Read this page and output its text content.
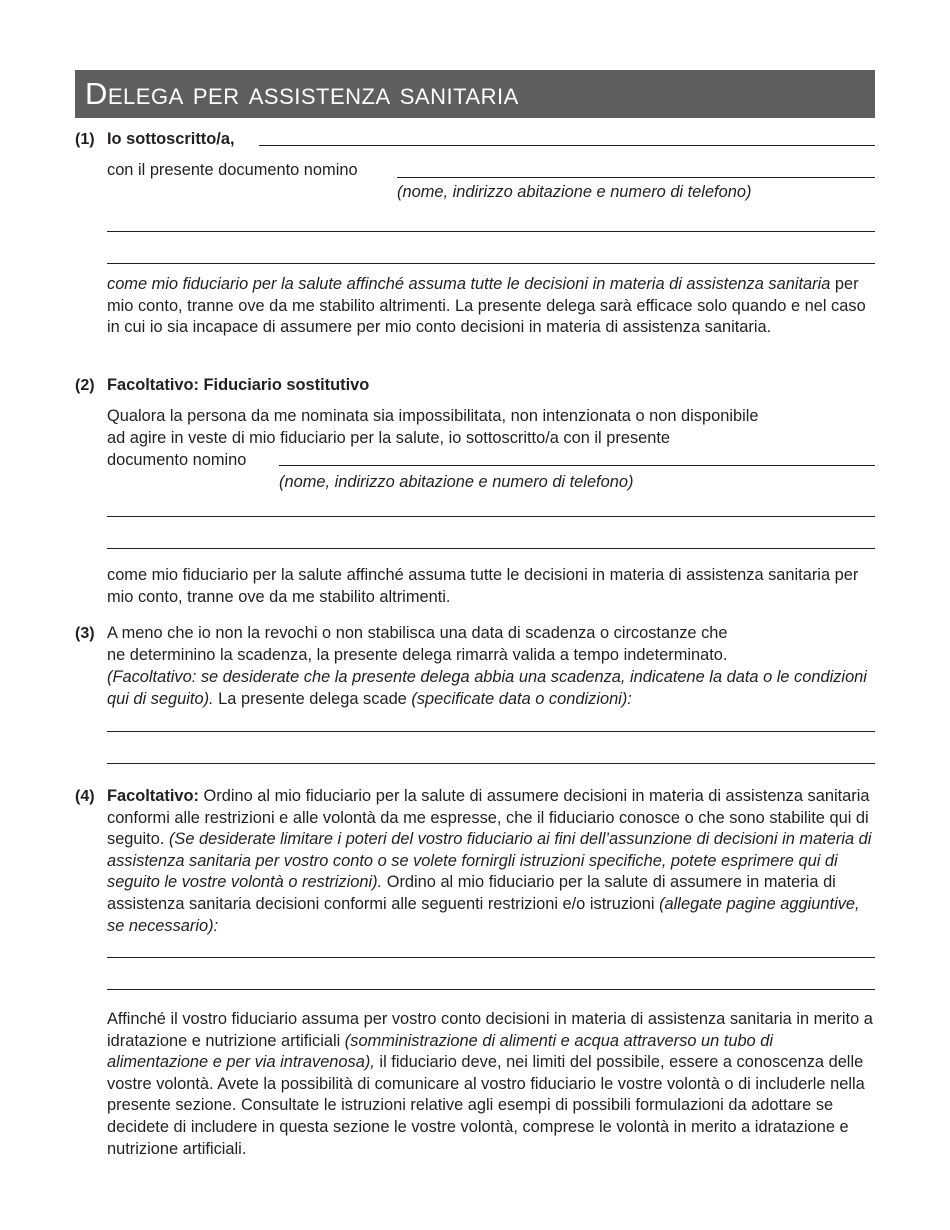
Delega per assistenza sanitaria
(1) Io sottoscritto/a,
con il presente documento nomino
(nome, indirizzo abitazione e numero di telefono)
come mio fiduciario per la salute affinché assuma tutte le decisioni in materia di assistenza sanitaria per mio conto, tranne ove da me stabilito altrimenti. La presente delega sarà efficace solo quando e nel caso in cui io sia incapace di assumere per mio conto decisioni in materia di assistenza sanitaria.
(2) Facoltativo: Fiduciario sostitutivo
Qualora la persona da me nominata sia impossibilitata, non intenzionata o non disponibile
ad agire in veste di mio fiduciario per la salute, io sottoscritto/a con il presente
documento nomino
(nome, indirizzo abitazione e numero di telefono)
come mio fiduciario per la salute affinché assuma tutte le decisioni in materia di assistenza sanitaria per mio conto, tranne ove da me stabilito altrimenti.
(3) A meno che io non la revochi o non stabilisca una data di scadenza o circostanze che
ne determinino la scadenza, la presente delega rimarrà valida a tempo indeterminato.
(Facoltativo: se desiderate che la presente delega abbia una scadenza, indicatene la data o le condizioni qui di seguito). La presente delega scade (specificate data o condizioni):
(4) Facoltativo: Ordino al mio fiduciario per la salute di assumere decisioni in materia di assistenza sanitaria conformi alle restrizioni e alle volontà da me espresse, che il fiduciario conosce o che sono stabilite qui di seguito. (Se desiderate limitare i poteri del vostro fiduciario ai fini dell’assunzione di decisioni in materia di assistenza sanitaria per vostro conto o se volete fornirgli istruzioni specifiche, potete esprimere qui di seguito le vostre volontà o restrizioni). Ordino al mio fiduciario per la salute di assumere in materia di assistenza sanitaria decisioni conformi alle seguenti restrizioni e/o istruzioni (allegate pagine aggiuntive, se necessario):
Affinché il vostro fiduciario assuma per vostro conto decisioni in materia di assistenza sanitaria in merito a idratazione e nutrizione artificiali (somministrazione di alimenti e acqua attraverso un tubo di alimentazione e per via intravenosa), il fiduciario deve, nei limiti del possibile, essere a conoscenza delle vostre volontà. Avete la possibilità di comunicare al vostro fiduciario le vostre volontà o di includerle nella presente sezione. Consultate le istruzioni relative agli esempi di possibili formulazioni da adottare se decidete di includere in questa sezione le vostre volontà, comprese le volontà in merito a idratazione e nutrizione artificiali.
